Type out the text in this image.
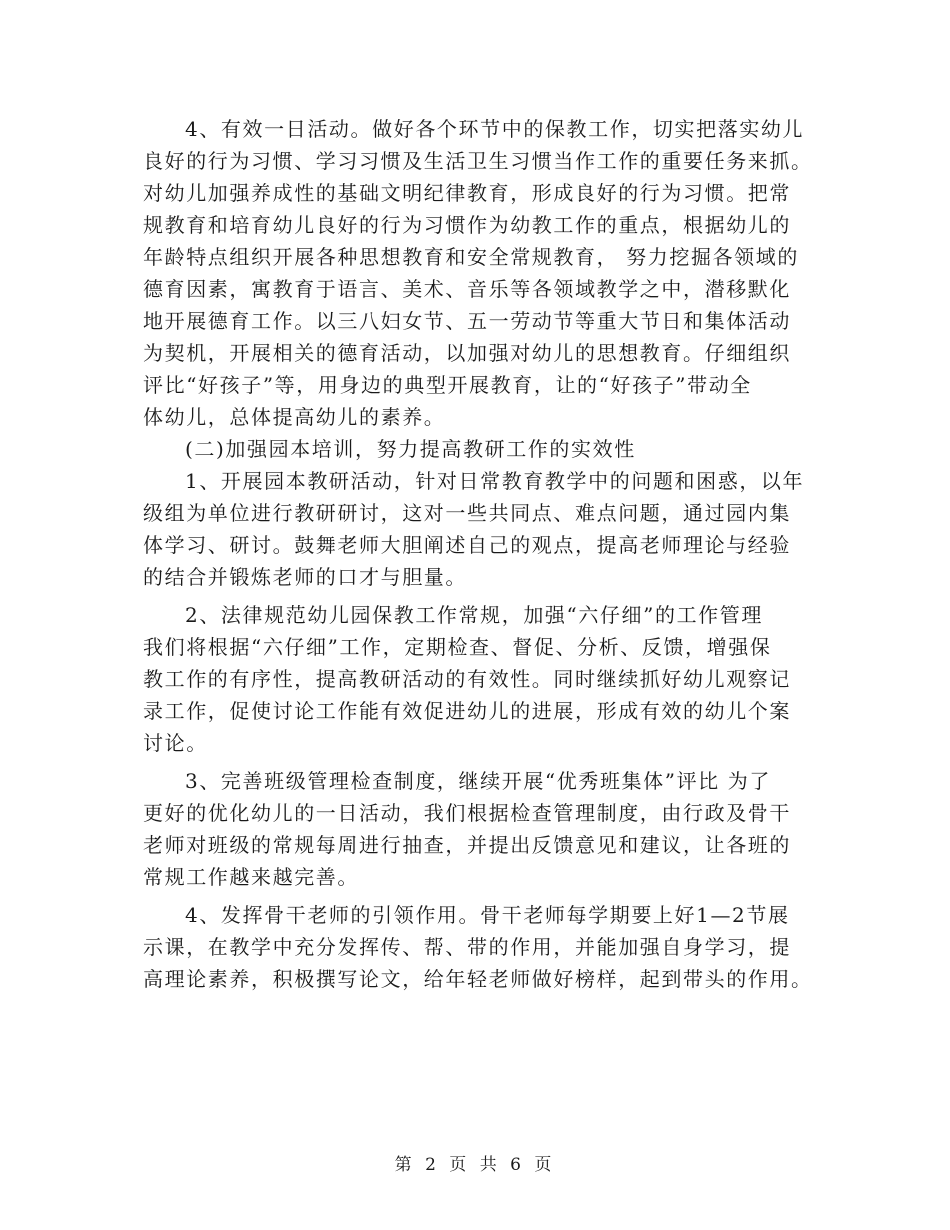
4、有效一日活动。做好各个环节中的保教工作，切实把落实幼儿

良好的行为习惯、学习习惯及生活卫生习惯当作工作的重要任务来抓。

对幼儿加强养成性的基础文明纪律教育，形成良好的行为习惯。把常

规教育和培育幼儿良好的行为习惯作为幼教工作的重点，根据幼儿的

年龄特点组织开展各种思想教育和安全常规教育， 努力挖掘各领域的

德育因素，寓教育于语言、美术、音乐等各领域教学之中，潜移默化

地开展德育工作。以三八妇女节、五一劳动节等重大节日和集体活动

为契机，开展相关的德育活动，以加强对幼儿的思想教育。仔细组织

评比“好孩子”等，用身边的典型开展教育，让的“好孩子”带动全

体幼儿，总体提高幼儿的素养。

(二)加强园本培训，努力提高教研工作的实效性

1、开展园本教研活动，针对日常教育教学中的问题和困惑，以年

级组为单位进行教研研讨，这对一些共同点、难点问题，通过园内集

体学习、研讨。鼓舞老师大胆阐述自己的观点，提高老师理论与经验

的结合并锻炼老师的口才与胆量。

2、法律规范幼儿园保教工作常规，加强“六仔细”的工作管理

我们将根据“六仔细”工作，定期检查、督促、分析、反馈，增强保

教工作的有序性，提高教研活动的有效性。同时继续抓好幼儿观察记

录工作，促使讨论工作能有效促进幼儿的进展，形成有效的幼儿个案

讨论。

3、完善班级管理检查制度，继续开展“优秀班集体”评比 为了

更好的优化幼儿的一日活动，我们根据检查管理制度，由行政及骨干

老师对班级的常规每周进行抽查，并提出反馈意见和建议，让各班的

常规工作越来越完善。

4、发挥骨干老师的引领作用。骨干老师每学期要上好1—2节展

示课，在教学中充分发挥传、帮、带的作用，并能加强自身学习，提

高理论素养，积极撰写论文，给年轻老师做好榜样，起到带头的作用。

第 2 页 共 6 页
